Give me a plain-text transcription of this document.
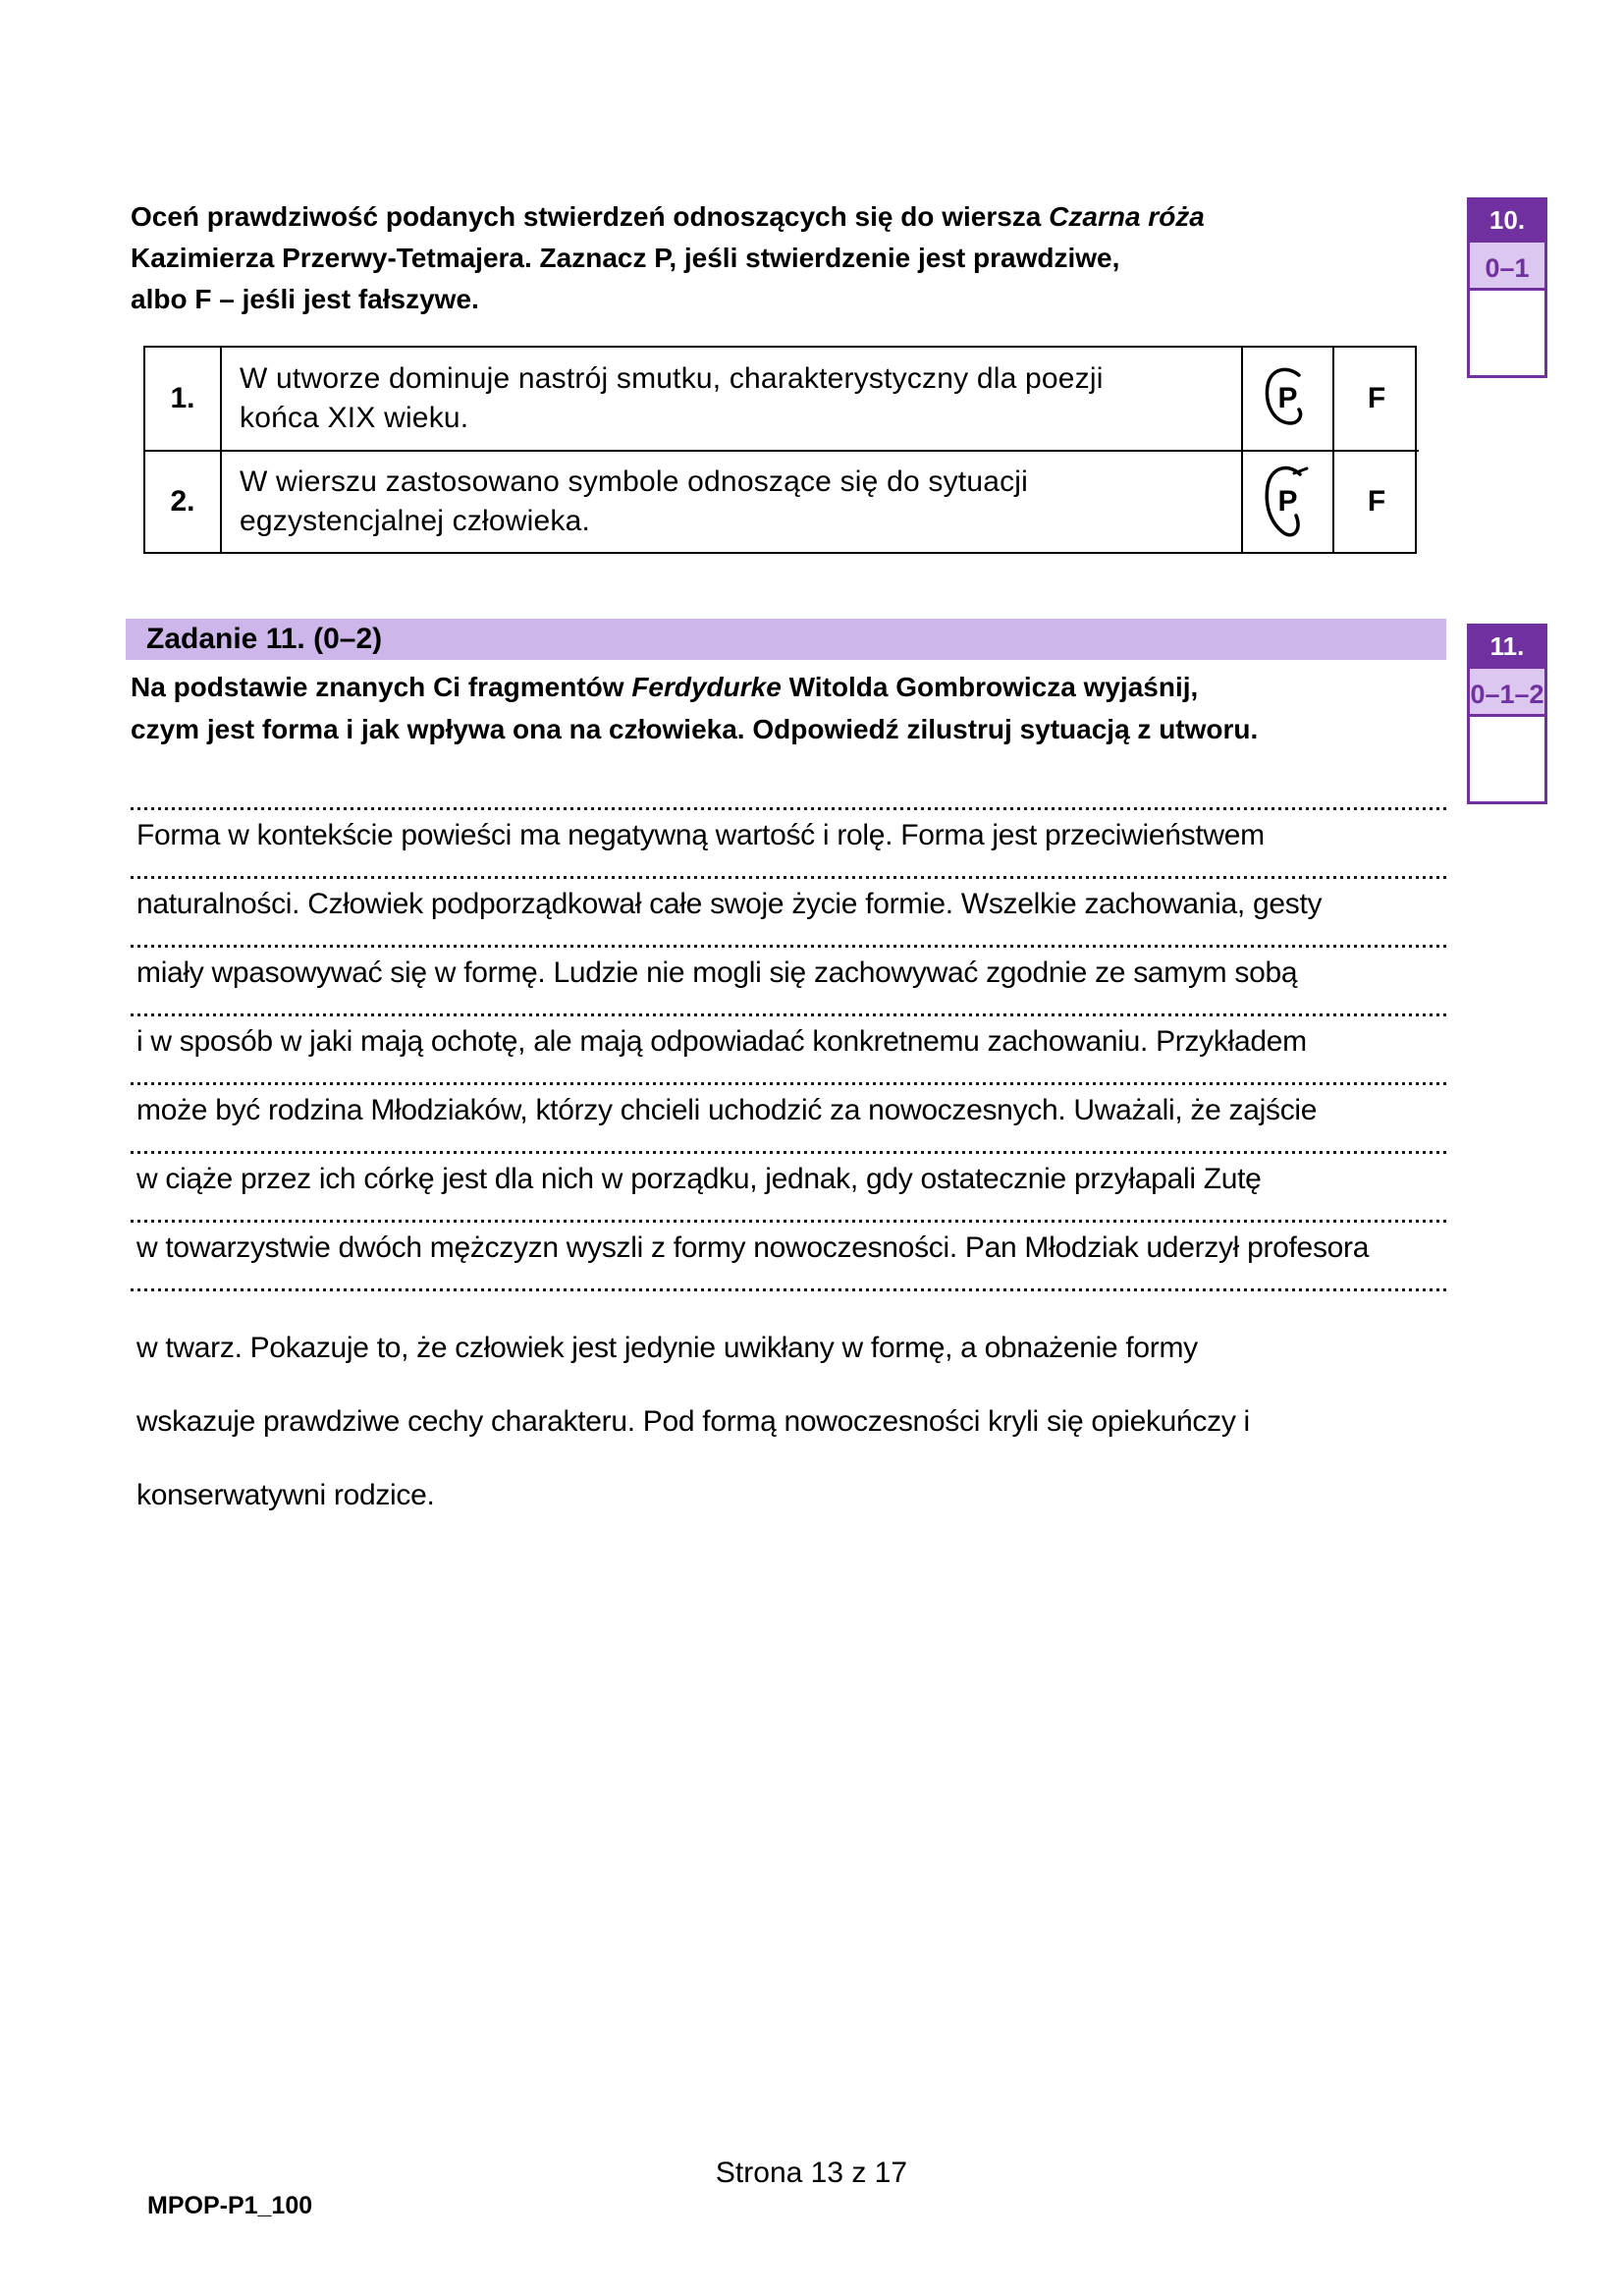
Oceń prawdziwość podanych stwierdzeń odnoszących się do wiersza Czarna róża
Kazimierza Przerwy-Tetmajera. Zaznacz P, jeśli stwierdzenie jest prawdziwe,
albo F – jeśli jest fałszywe.
10.
0–1
1.
W utworze dominuje nastrój smutku, charakterystyczny dla poezji
końca XIX wieku.
P F
2.
W wierszu zastosowano symbole odnoszące się do sytuacji
egzystencjalnej człowieka.
P F
Zadanie 11. (0–2)	11.
0–1–2
Na podstawie znanych Ci fragmentów Ferdydurke Witolda Gombrowicza wyjaśnij,
czym jest forma i jak wpływa ona na człowieka. Odpowiedź zilustruj sytuacją z utworu.
Forma w kontekście powieści ma negatywną wartość i rolę. Forma jest przeciwieństwem
naturalności. Człowiek podporządkował całe swoje życie formie. Wszelkie zachowania, gesty
miały wpasowywać się w formę. Ludzie nie mogli się zachowywać zgodnie ze samym sobą
i w sposób w jaki mają ochotę, ale mają odpowiadać konkretnemu zachowaniu. Przykładem
może być rodzina Młodziaków, którzy chcieli uchodzić za nowoczesnych. Uważali, że zajście
w ciąże przez ich córkę jest dla nich w porządku, jednak, gdy ostatecznie przyłapali Zutę
w towarzystwie dwóch mężczyzn wyszli z formy nowoczesności. Pan Młodziak uderzył profesora
w twarz. Pokazuje to, że człowiek jest jedynie uwikłany w formę, a obnażenie formy
wskazuje prawdziwe cechy charakteru. Pod formą nowoczesności kryli się opiekuńczy i
konserwatywni rodzice.
Strona 13 z 17
MPOP-P1_100
